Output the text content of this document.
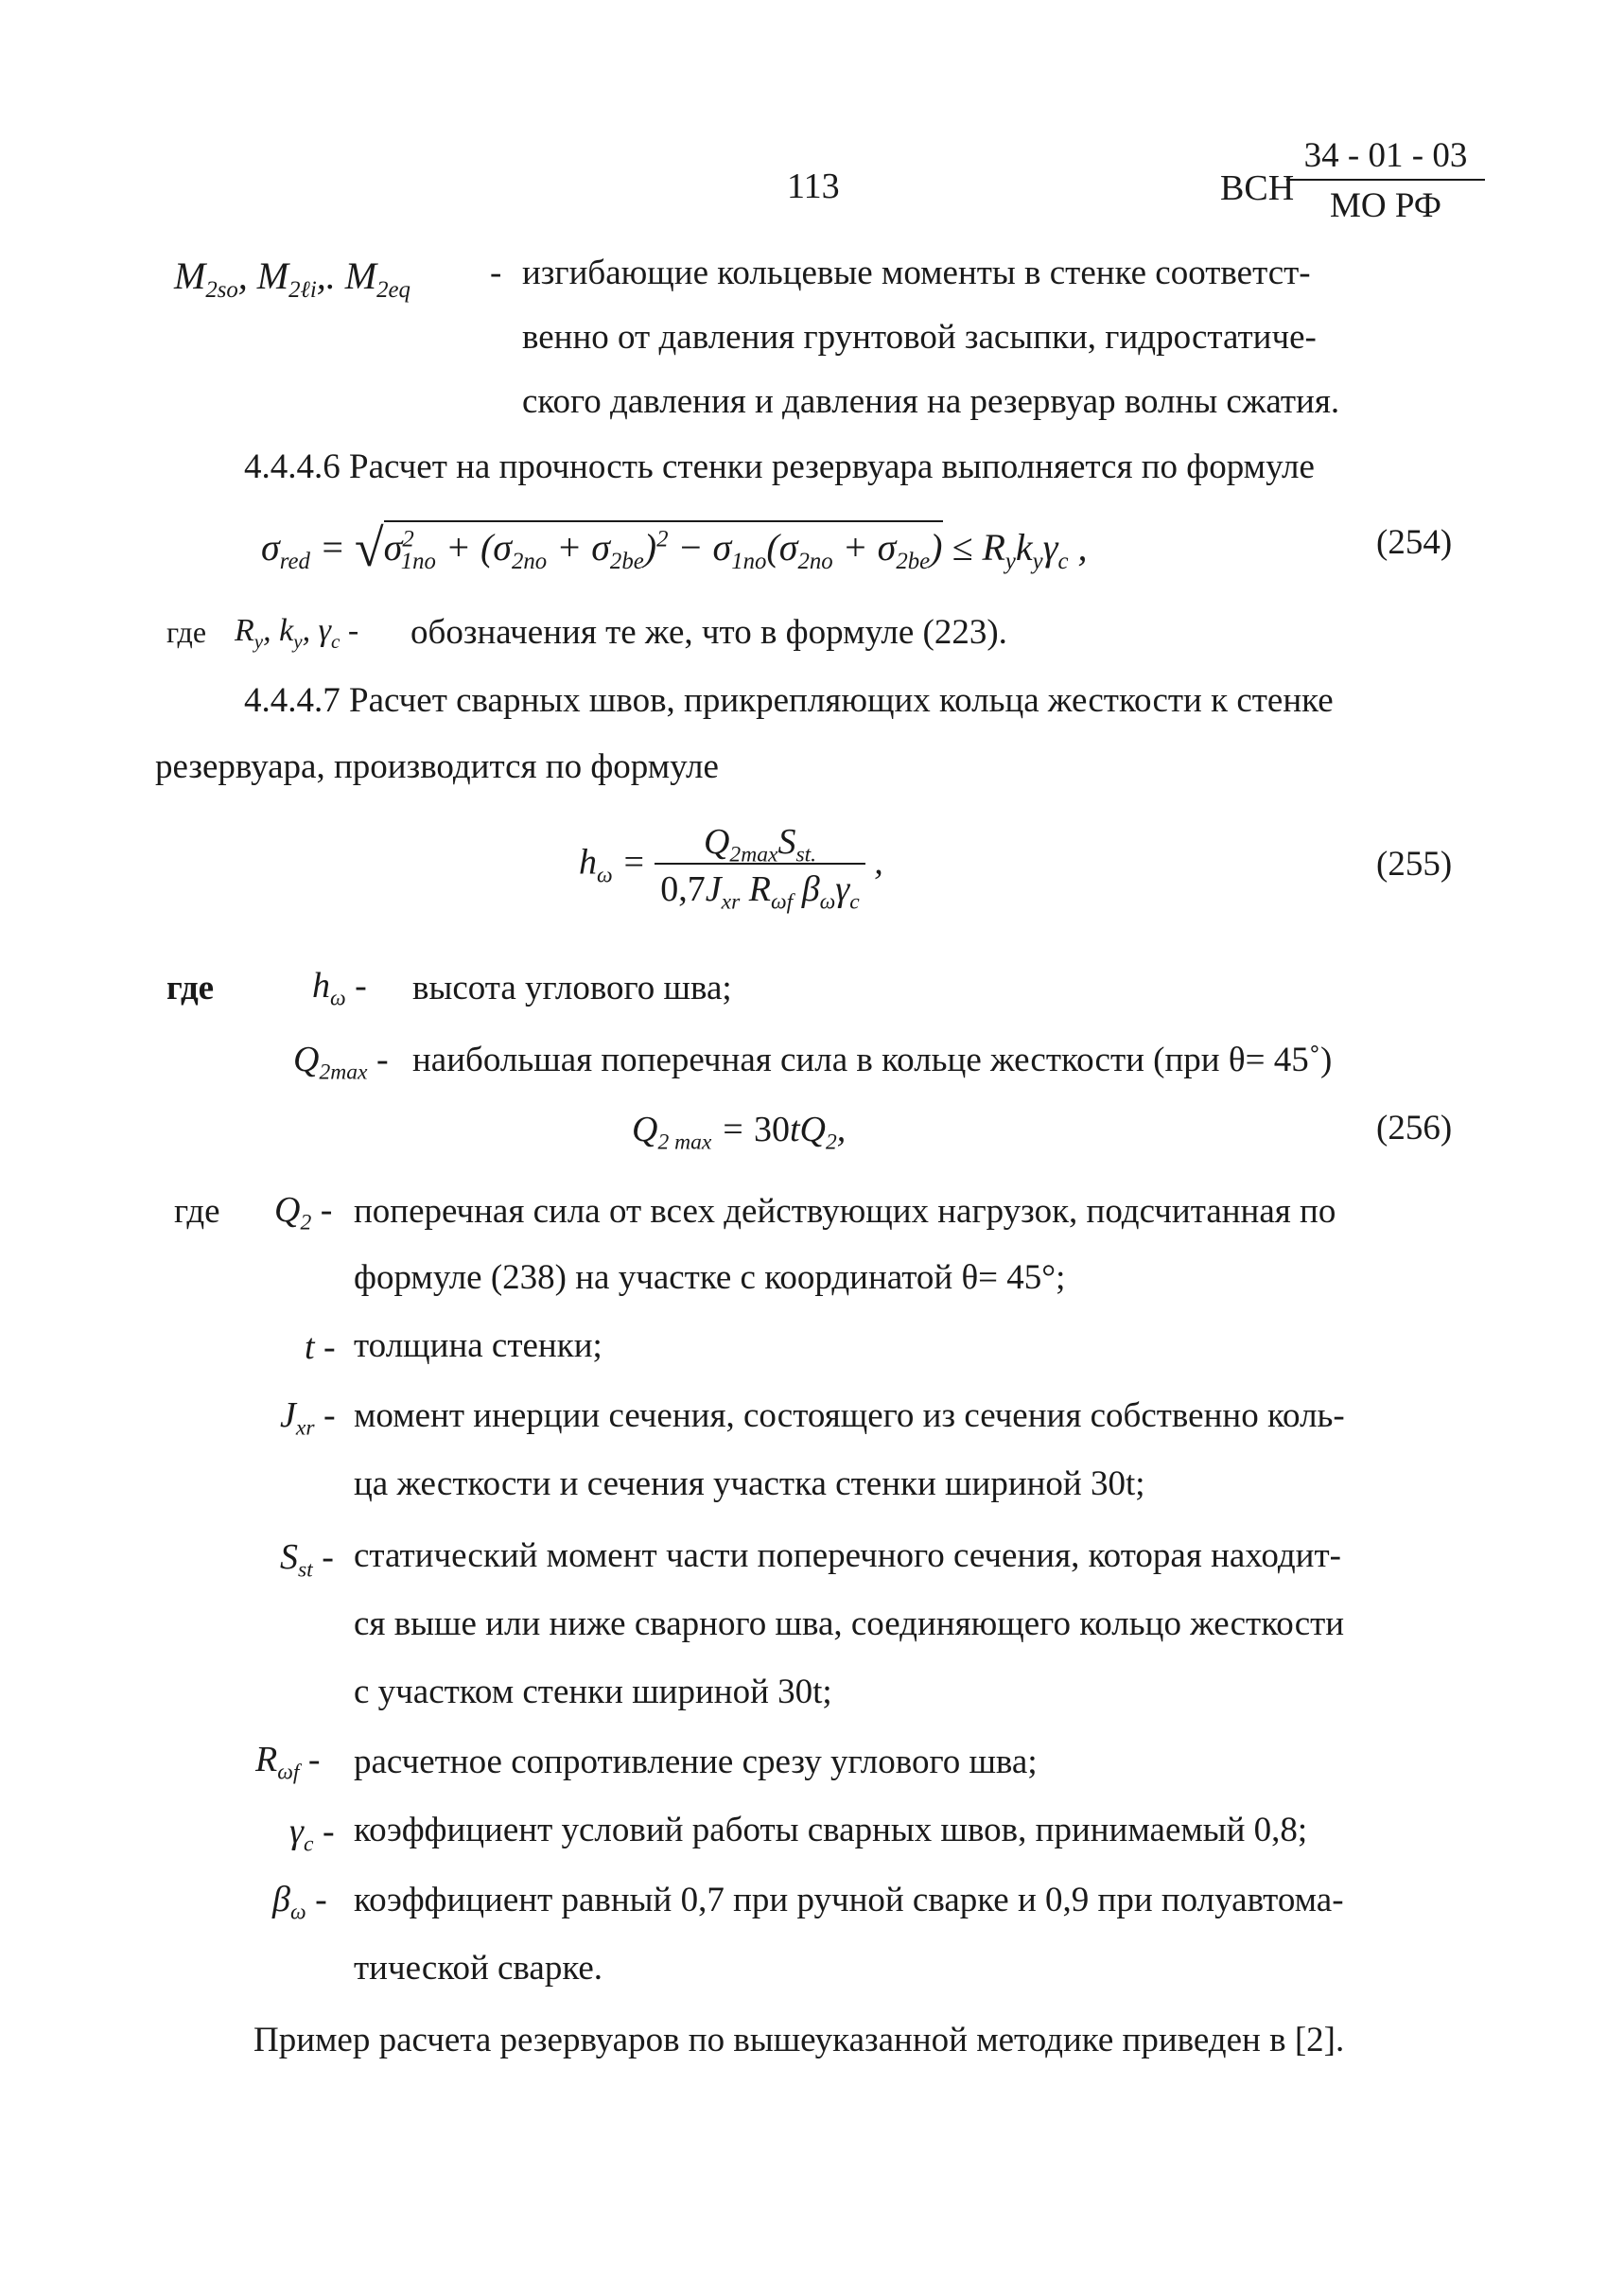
113	ВСН
34 - 01 - 03
МО РФ
$M_{2so}$, $M_{2\ell i}$,. $M_{2eq}$ - изгибающие кольцевые моменты в стенке соответст-
венно от давления грунтовой засыпки, гидростатиче-
ского давления и давления на резервуар волны сжатия.
4.4.4.6 Расчет на прочность стенки резервуара выполняется по формуле
$\sigma_{red} = √\sigma^2_{1no} + (\sigma_{2no} + \sigma_{2be})^2 - \sigma_{1no}(\sigma_{2no} + \sigma_{2be}) \le R_yk_y\gamma_c$ ,	(254)
где $R_y$, $k_y$, $\gamma_c$ - обозначения те же, что в формуле (223).
4.4.4.7 Расчет сварных швов, прикрепляющих кольца жесткости к стенке
резервуара, производится по формуле
$h_\omega = \frac{Q_{2max}S_{st.}}{0,7J_{xr} R_{\omega f} \beta_\omega\gamma_c}$ ,	(255)
где	$h_\omega$ - высота углового шва;
$Q_{2max}$ - наибольшая поперечная сила в кольце жесткости (при θ= 45˚)
$Q_{2 max} = 30tQ_2$,	(256)
где $Q_2$ - поперечная сила от всех действующих нагрузок, подсчитанная по
формуле (238) на участке с координатой θ= 45°;
t - толщина стенки;
$J_{xr}$ - момент инерции сечения, состоящего из сечения собственно коль-
ца жесткости и сечения участка стенки шириной 30t;
$S_{st}$ - статический момент части поперечного сечения, которая находит-
ся выше или ниже сварного шва, соединяющего кольцо жесткости
с участком стенки шириной 30t;
$R_{\omega f}$ - расчетное сопротивление срезу углового шва;
$\gamma_c$ - коэффициент условий работы сварных швов, принимаемый 0,8;
$\beta_\omega$ - коэффициент равный 0,7 при ручной сварке и 0,9 при полуавтома-
тической сварке.
Пример расчета резервуаров по вышеуказанной методике приведен в [2].
